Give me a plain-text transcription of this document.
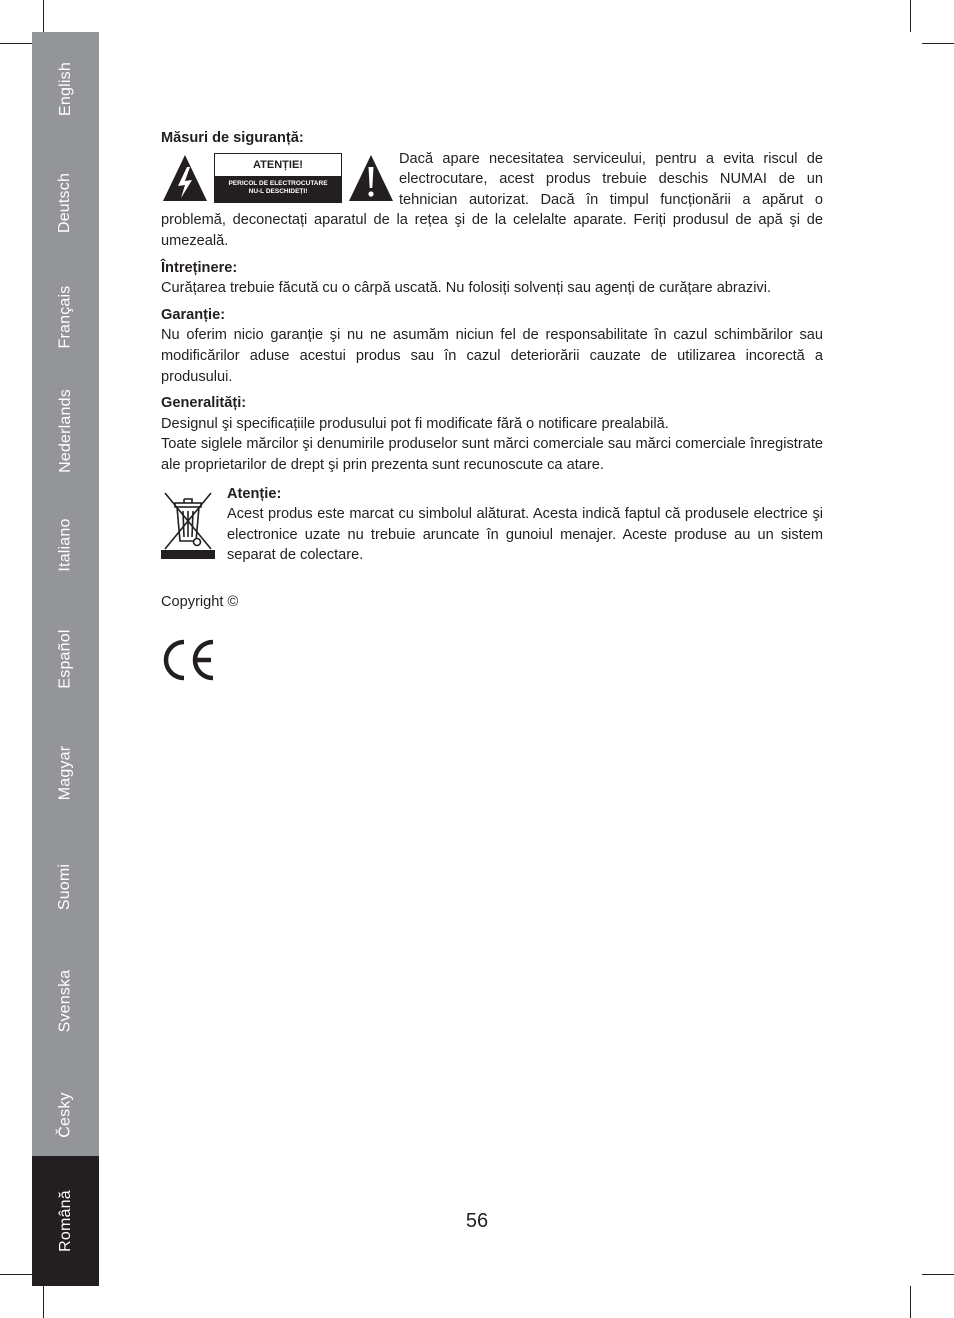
English
Deutsch
Français
Nederlands
Italiano
Español
Magyar
Suomi
Svenska
Česky
Română

Măsuri de siguranță:

ATENȚIE!
PERICOL DE ELECTROCUTARE
NU-L DESCHIDEȚI!

Dacă apare necesitatea serviceului, pentru a evita riscul de electrocutare, acest produs trebuie deschis NUMAI de un tehnician autorizat. Dacă în timpul funcționării a apărut o problemă, deconectați aparatul de la rețea şi de la celelalte aparate. Feriți produsul de apă şi de umezeală.

Întreținere:

Curățarea trebuie făcută cu o cârpă uscată. Nu folosiți solvenți sau agenți de curățare abrazivi.

Garanție:

Nu oferim nicio garanție şi nu ne asumăm niciun fel de responsabilitate în cazul schimbărilor sau modificărilor aduse acestui produs sau în cazul deteriorării cauzate de utilizarea incorectă a produsului.

Generalități:

Designul şi specificațiile produsului pot fi modificate fără o notificare prealabilă.

Toate siglele mărcilor şi denumirile produselor sunt mărci comerciale sau mărci comerciale înregistrate ale proprietarilor de drept şi prin prezenta sunt recunoscute ca atare.

Atenție:

Acest produs este marcat cu simbolul alăturat. Acesta indică faptul că produsele electrice şi electronice uzate nu trebuie aruncate în gunoiul menajer. Aceste produse au un sistem separat de colectare.

Copyright ©

56
